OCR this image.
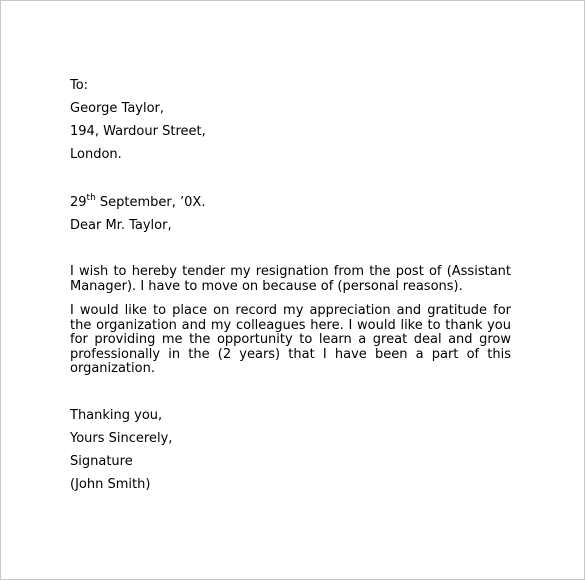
To:
George Taylor,
194, Wardour Street,
London.
29th September, ’0X.
Dear Mr. Taylor,
I wish to hereby tender my resignation from the post of (Assistant Manager). I have to move on because of (personal reasons).
I would like to place on record my appreciation and gratitude for the organization and my colleagues here. I would like to thank you for providing me the opportunity to learn a great deal and grow professionally in the (2 years) that I have been a part of this organization.
Thanking you,
Yours Sincerely,
Signature
(John Smith)
